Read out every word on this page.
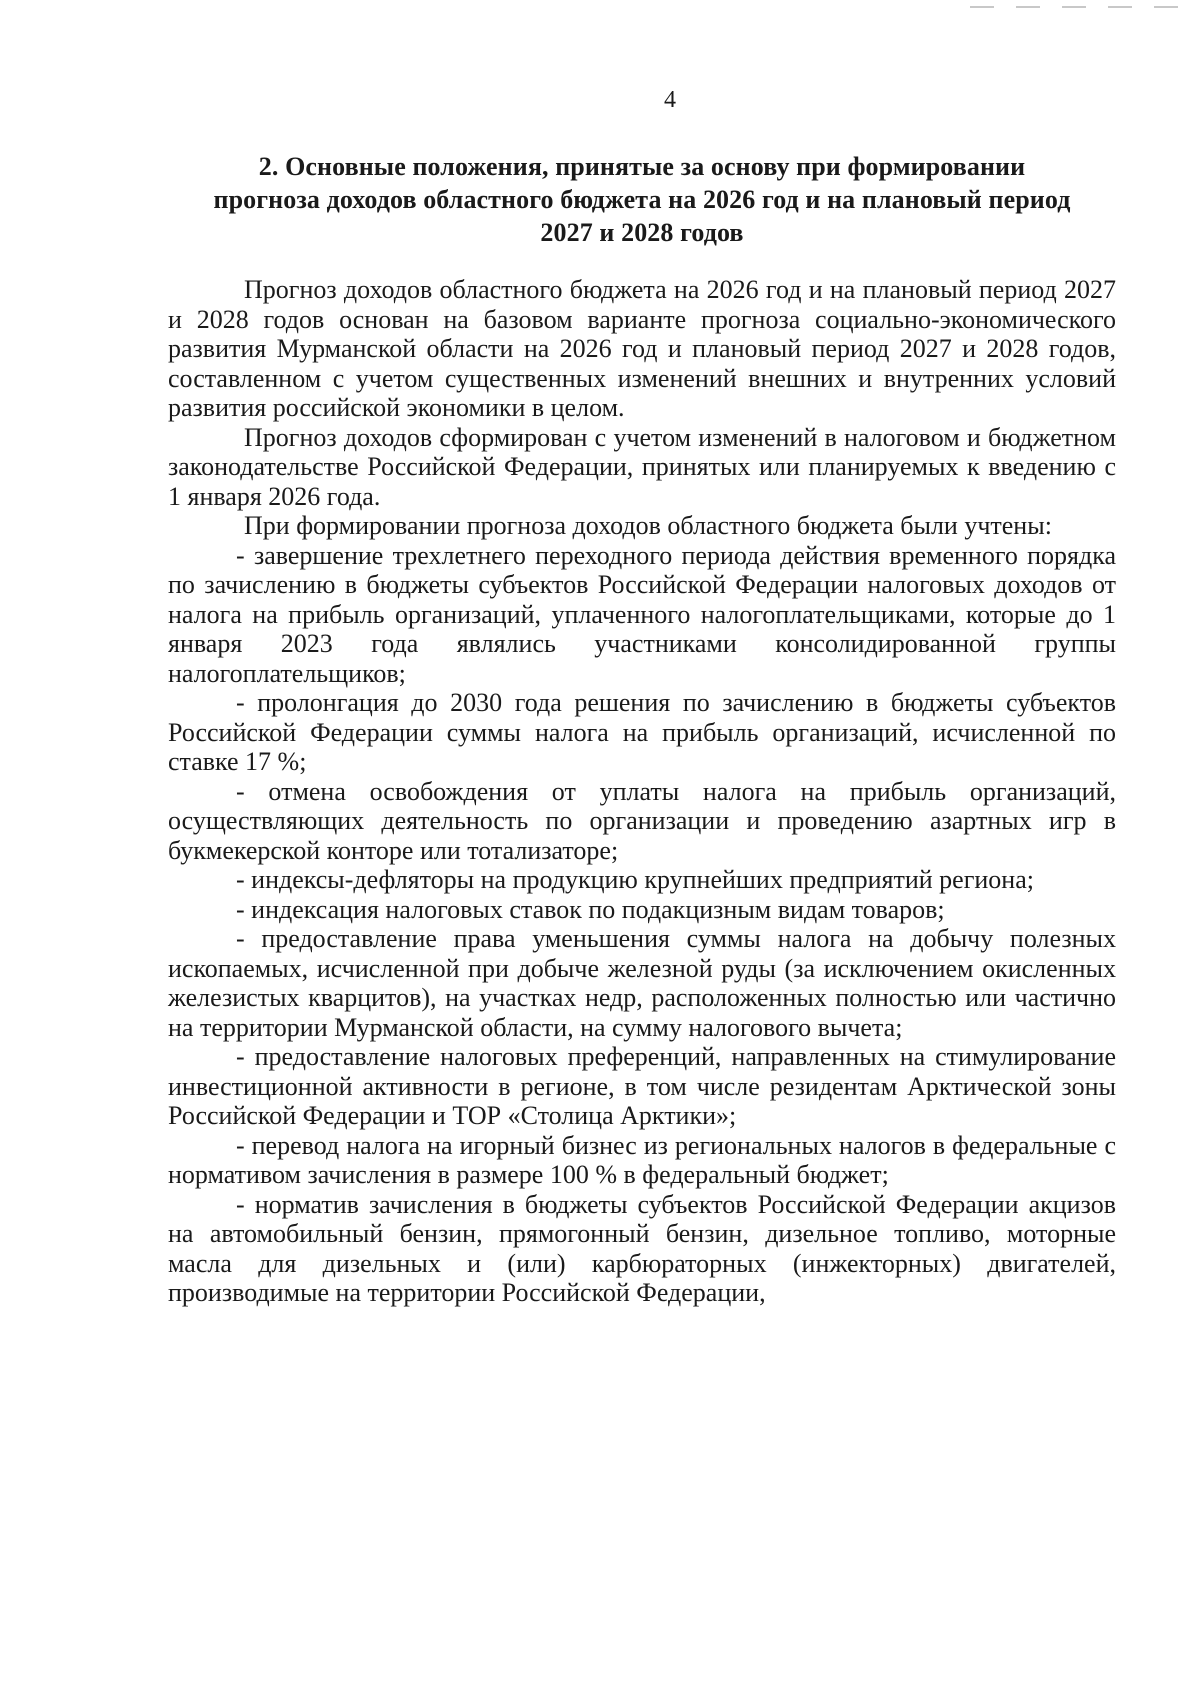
4
2. Основные положения, принятые за основу при формировании
прогноза доходов областного бюджета на 2026 год и на плановый период
2027 и 2028 годов

Прогноз доходов областного бюджета на 2026 год и на плановый период 2027 и 2028 годов основан на базовом варианте прогноза социально-экономического развития Мурманской области на 2026 год и плановый период 2027 и 2028 годов, составленном с учетом существенных изменений внешних и внутренних условий развития российской экономики в целом.

Прогноз доходов сформирован с учетом изменений в налоговом и бюджетном законодательстве Российской Федерации, принятых или планируемых к введению с 1 января 2026 года.

При формировании прогноза доходов областного бюджета были учтены:

- завершение трехлетнего переходного периода действия временного порядка по зачислению в бюджеты субъектов Российской Федерации налоговых доходов от налога на прибыль организаций, уплаченного налогоплательщиками, которые до 1 января 2023 года являлись участниками консолидированной группы налогоплательщиков;

- пролонгация до 2030 года решения по зачислению в бюджеты субъектов Российской Федерации суммы налога на прибыль организаций, исчисленной по ставке 17 %;

- отмена освобождения от уплаты налога на прибыль организаций, осуществляющих деятельность по организации и проведению азартных игр в букмекерской конторе или тотализаторе;

- индексы-дефляторы на продукцию крупнейших предприятий региона;

- индексация налоговых ставок по подакцизным видам товаров;

- предоставление права уменьшения суммы налога на добычу полезных ископаемых, исчисленной при добыче железной руды (за исключением окисленных железистых кварцитов), на участках недр, расположенных полностью или частично на территории Мурманской области, на сумму налогового вычета;

- предоставление налоговых преференций, направленных на стимулирование инвестиционной активности в регионе, в том числе резидентам Арктической зоны Российской Федерации и ТОР «Столица Арктики»;

- перевод налога на игорный бизнес из региональных налогов в федеральные с нормативом зачисления в размере 100 % в федеральный бюджет;

- норматив зачисления в бюджеты субъектов Российской Федерации акцизов на автомобильный бензин, прямогонный бензин, дизельное топливо, моторные масла для дизельных и (или) карбюраторных (инжекторных) двигателей, производимые на территории Российской Федерации,
